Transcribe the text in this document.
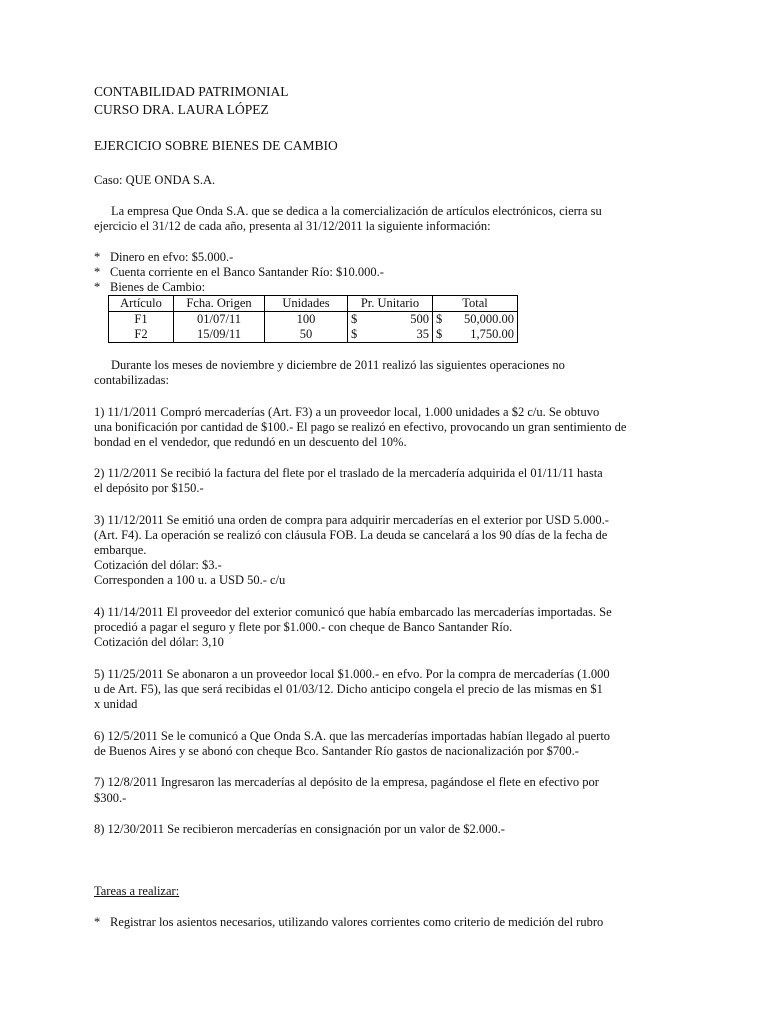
CONTABILIDAD PATRIMONIAL
CURSO DRA. LAURA LÓPEZ
EJERCICIO SOBRE BIENES DE CAMBIO
Caso: QUE ONDA S.A.
La empresa Que Onda S.A. que se dedica a la comercialización de artículos electrónicos, cierra su
ejercicio el 31/12 de cada año, presenta al 31/12/2011 la siguiente información:
* Dinero en efvo: $5.000.-
* Cuenta corriente en el Banco Santander Río: $10.000.-
* Bienes de Cambio:
Artículo	Fcha. Origen	Unidades	Pr. Unitario		Total	
F1	01/07/11	100	$	500	$	50,000.00
F2	15/09/11	50	$	35	$	1,750.00
Durante los meses de noviembre y diciembre de 2011 realizó las siguientes operaciones no
contabilizadas:
1) 11/1/2011 Compró mercaderías (Art. F3) a un proveedor local, 1.000 unidades a $2 c/u. Se obtuvo
una bonificación por cantidad de $100.- El pago se realizó en efectivo, provocando un gran sentimiento de
bondad en el vendedor, que redundó en un descuento del 10%.
2) 11/2/2011 Se recibió la factura del flete por el traslado de la mercadería adquirida el 01/11/11 hasta
el depósito por $150.-
3) 11/12/2011 Se emitió una orden de compra para adquirir mercaderías en el exterior por USD 5.000.-
(Art. F4). La operación se realizó con cláusula FOB. La deuda se cancelará a los 90 días de la fecha de
embarque.
Cotización del dólar: $3.-
Corresponden a 100 u. a USD 50.- c/u
4) 11/14/2011 El proveedor del exterior comunicó que había embarcado las mercaderías importadas. Se
procedió a pagar el seguro y flete por $1.000.- con cheque de Banco Santander Río.
Cotización del dólar: 3,10
5) 11/25/2011 Se abonaron a un proveedor local $1.000.- en efvo. Por la compra de mercaderías (1.000
u de Art. F5), las que será recibidas el 01/03/12. Dicho anticipo congela el precio de las mismas en $1
x unidad
6) 12/5/2011 Se le comunicó a Que Onda S.A. que las mercaderías importadas habían llegado al puerto
de Buenos Aires y se abonó con cheque Bco. Santander Río gastos de nacionalización por $700.-
7) 12/8/2011 Ingresaron las mercaderías al depósito de la empresa, pagándose el flete en efectivo por
$300.-
8) 12/30/2011 Se recibieron mercaderías en consignación por un valor de $2.000.-
Tareas a realizar:
* Registrar los asientos necesarios, utilizando valores corrientes como criterio de medición del rubro
